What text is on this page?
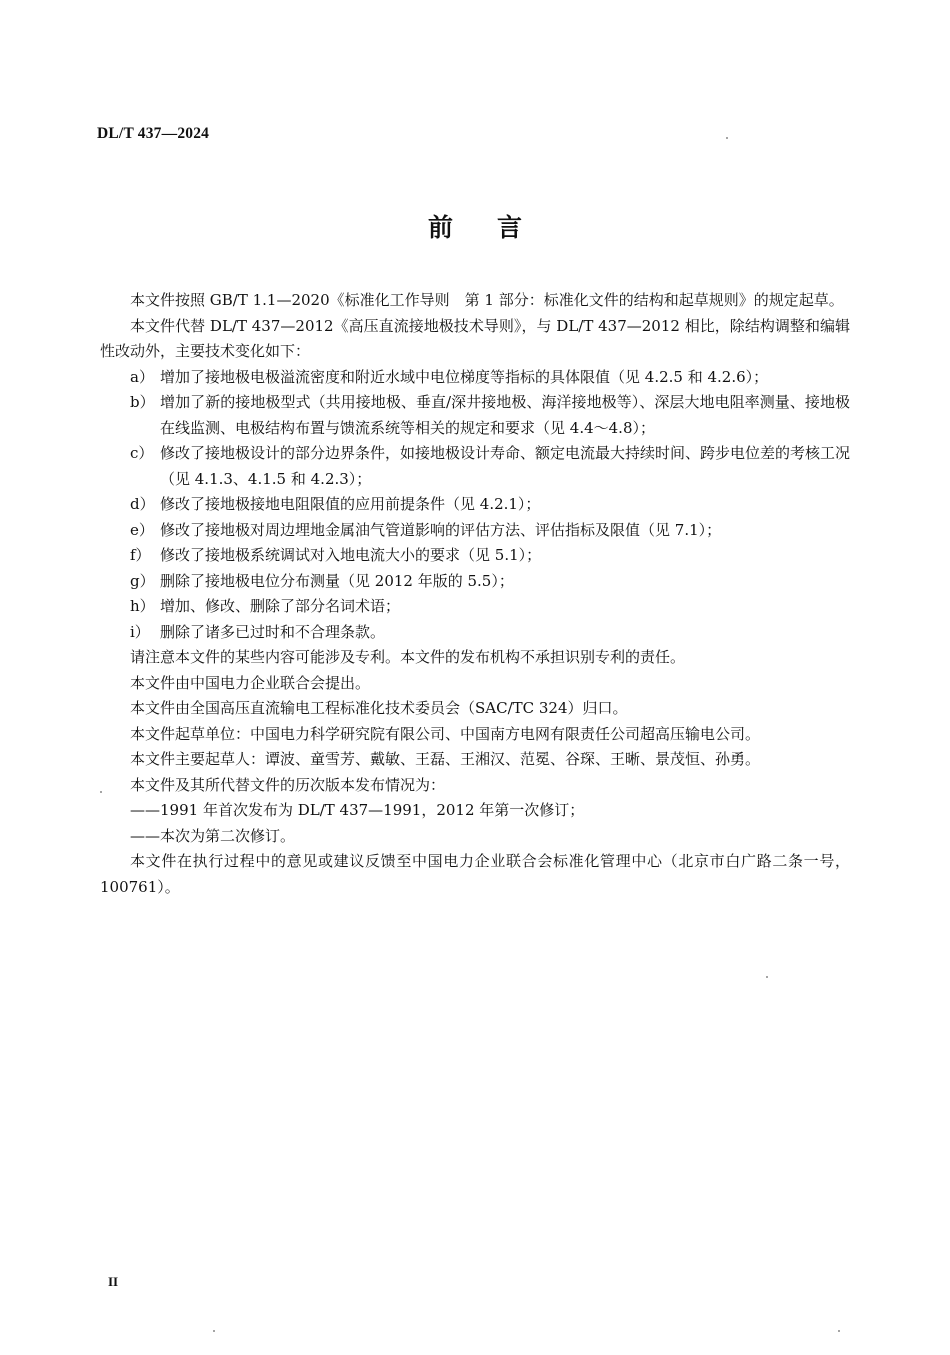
DL/T 437—2024
前 言

本文件按照 GB/T 1.1—2020《标准化工作导则　第 1 部分：标准化文件的结构和起草规则》的规定起草。

本文件代替 DL/T 437—2012《高压直流接地极技术导则》，与 DL/T 437—2012 相比，除结构调整和编辑性改动外，主要技术变化如下：

a） 增加了接地极电极溢流密度和附近水域中电位梯度等指标的具体限值（见 4.2.5 和 4.2.6）；

b） 增加了新的接地极型式（共用接地极、垂直/深井接地极、海洋接地极等）、深层大地电阻率测量、接地极在线监测、电极结构布置与馈流系统等相关的规定和要求（见 4.4～4.8）；

c） 修改了接地极设计的部分边界条件，如接地极设计寿命、额定电流最大持续时间、跨步电位差的考核工况（见 4.1.3、4.1.5 和 4.2.3）；

d） 修改了接地极接地电阻限值的应用前提条件（见 4.2.1）；

e） 修改了接地极对周边埋地金属油气管道影响的评估方法、评估指标及限值（见 7.1）；

f） 修改了接地极系统调试对入地电流大小的要求（见 5.1）；

g） 删除了接地极电位分布测量（见 2012 年版的 5.5）；

h） 增加、修改、删除了部分名词术语；

i） 删除了诸多已过时和不合理条款。

请注意本文件的某些内容可能涉及专利。本文件的发布机构不承担识别专利的责任。

本文件由中国电力企业联合会提出。

本文件由全国高压直流输电工程标准化技术委员会（SAC/TC 324）归口。

本文件起草单位：中国电力科学研究院有限公司、中国南方电网有限责任公司超高压输电公司。

本文件主要起草人：谭波、童雪芳、戴敏、王磊、王湘汉、范冕、谷琛、王晰、景茂恒、孙勇。

本文件及其所代替文件的历次版本发布情况为：

——1991 年首次发布为 DL/T 437—1991，2012 年第一次修订；

——本次为第二次修订。

本文件在执行过程中的意见或建议反馈至中国电力企业联合会标准化管理中心（北京市白广路二条一号，100761）。

II
